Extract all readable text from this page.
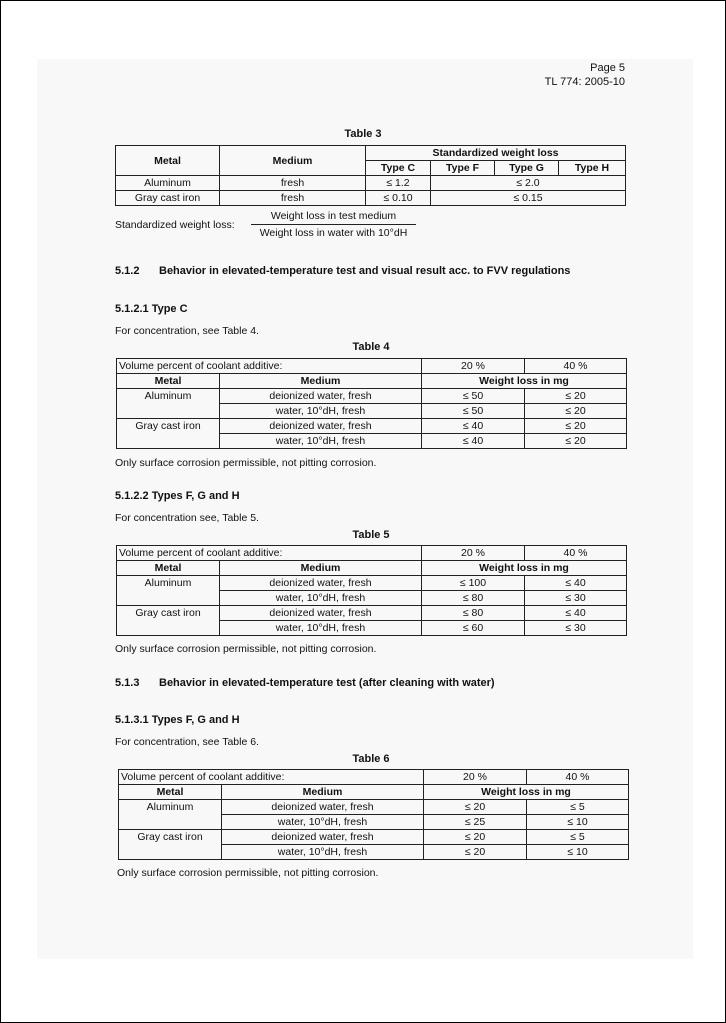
Page 5
TL 774: 2005-10
Table 3
Metal	Medium	Standardized weight loss			
		Type C	Type F	Type G	Type H
Aluminum	fresh	≤ 1.2	≤ 2.0		
Gray cast iron	fresh	≤ 0.10	≤ 0.15		
Standardized weight loss:
Weight loss in test medium
Weight loss in water with 10°dH
5.1.2 Behavior in elevated-temperature test and visual result acc. to FVV regulations
5.1.2.1 Type C
For concentration, see Table 4.
Table 4
Volume percent of coolant additive:		20 %	40 %
Metal	Medium	Weight loss in mg	
Aluminum	deionized water, fresh	≤ 50	≤ 20
	water, 10°dH, fresh	≤ 50	≤ 20
Gray cast iron	deionized water, fresh	≤ 40	≤ 20
	water, 10°dH, fresh	≤ 40	≤ 20
Only surface corrosion permissible, not pitting corrosion.
5.1.2.2 Types F, G and H
For concentration see, Table 5.
Table 5
Volume percent of coolant additive:		20 %	40 %
Metal	Medium	Weight loss in mg	
Aluminum	deionized water, fresh	≤ 100	≤ 40
	water, 10°dH, fresh	≤ 80	≤ 30
Gray cast iron	deionized water, fresh	≤ 80	≤ 40
	water, 10°dH, fresh	≤ 60	≤ 30
Only surface corrosion permissible, not pitting corrosion.
5.1.3 Behavior in elevated-temperature test (after cleaning with water)
5.1.3.1 Types F, G and H
For concentration, see Table 6.
Table 6
Volume percent of coolant additive:		20 %	40 %
Metal	Medium	Weight loss in mg	
Aluminum	deionized water, fresh	≤ 20	≤ 5
	water, 10°dH, fresh	≤ 25	≤ 10
Gray cast iron	deionized water, fresh	≤ 20	≤ 5
	water, 10°dH, fresh	≤ 20	≤ 10
Only surface corrosion permissible, not pitting corrosion.
